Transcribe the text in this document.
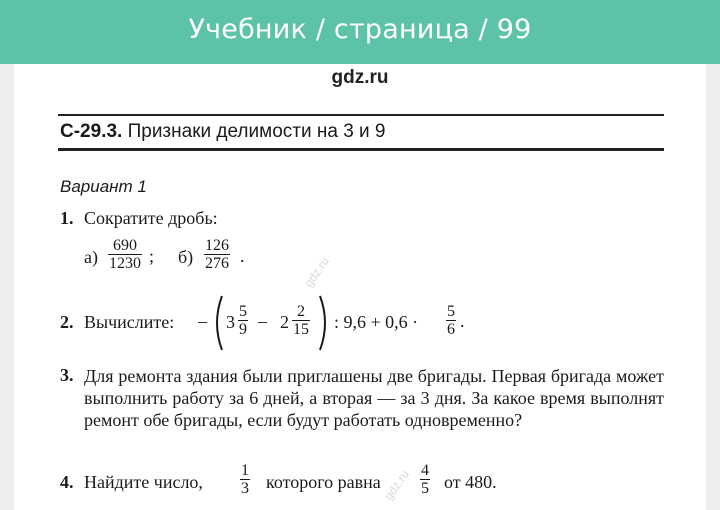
Учебник / страница / 99
gdz.ru
С-29.3. Признаки делимости на 3 и 9
Вариант 1
1. Сократите дробь:
$а) \frac{690}{1230}$ ; $б) \frac{126}{276}$ .
2. Вычислите: – $3 \frac{5}{9} - 2 \frac{2}{15}$ : $9,6 + 0,6 \cdot \frac{5}{6}$ .
3. Для ремонта здания были приглашены две бригады. Первая бригада может выполнить работу за 6 дней, а вторая — за 3 дня. За какое время выполнят ремонт обе бригады, если будут работать одновременно?
4. Найдите число, $\frac{1}{3}$ которого равна $\frac{4}{5}$ от 480.
gdz.ru
gdz.ru
